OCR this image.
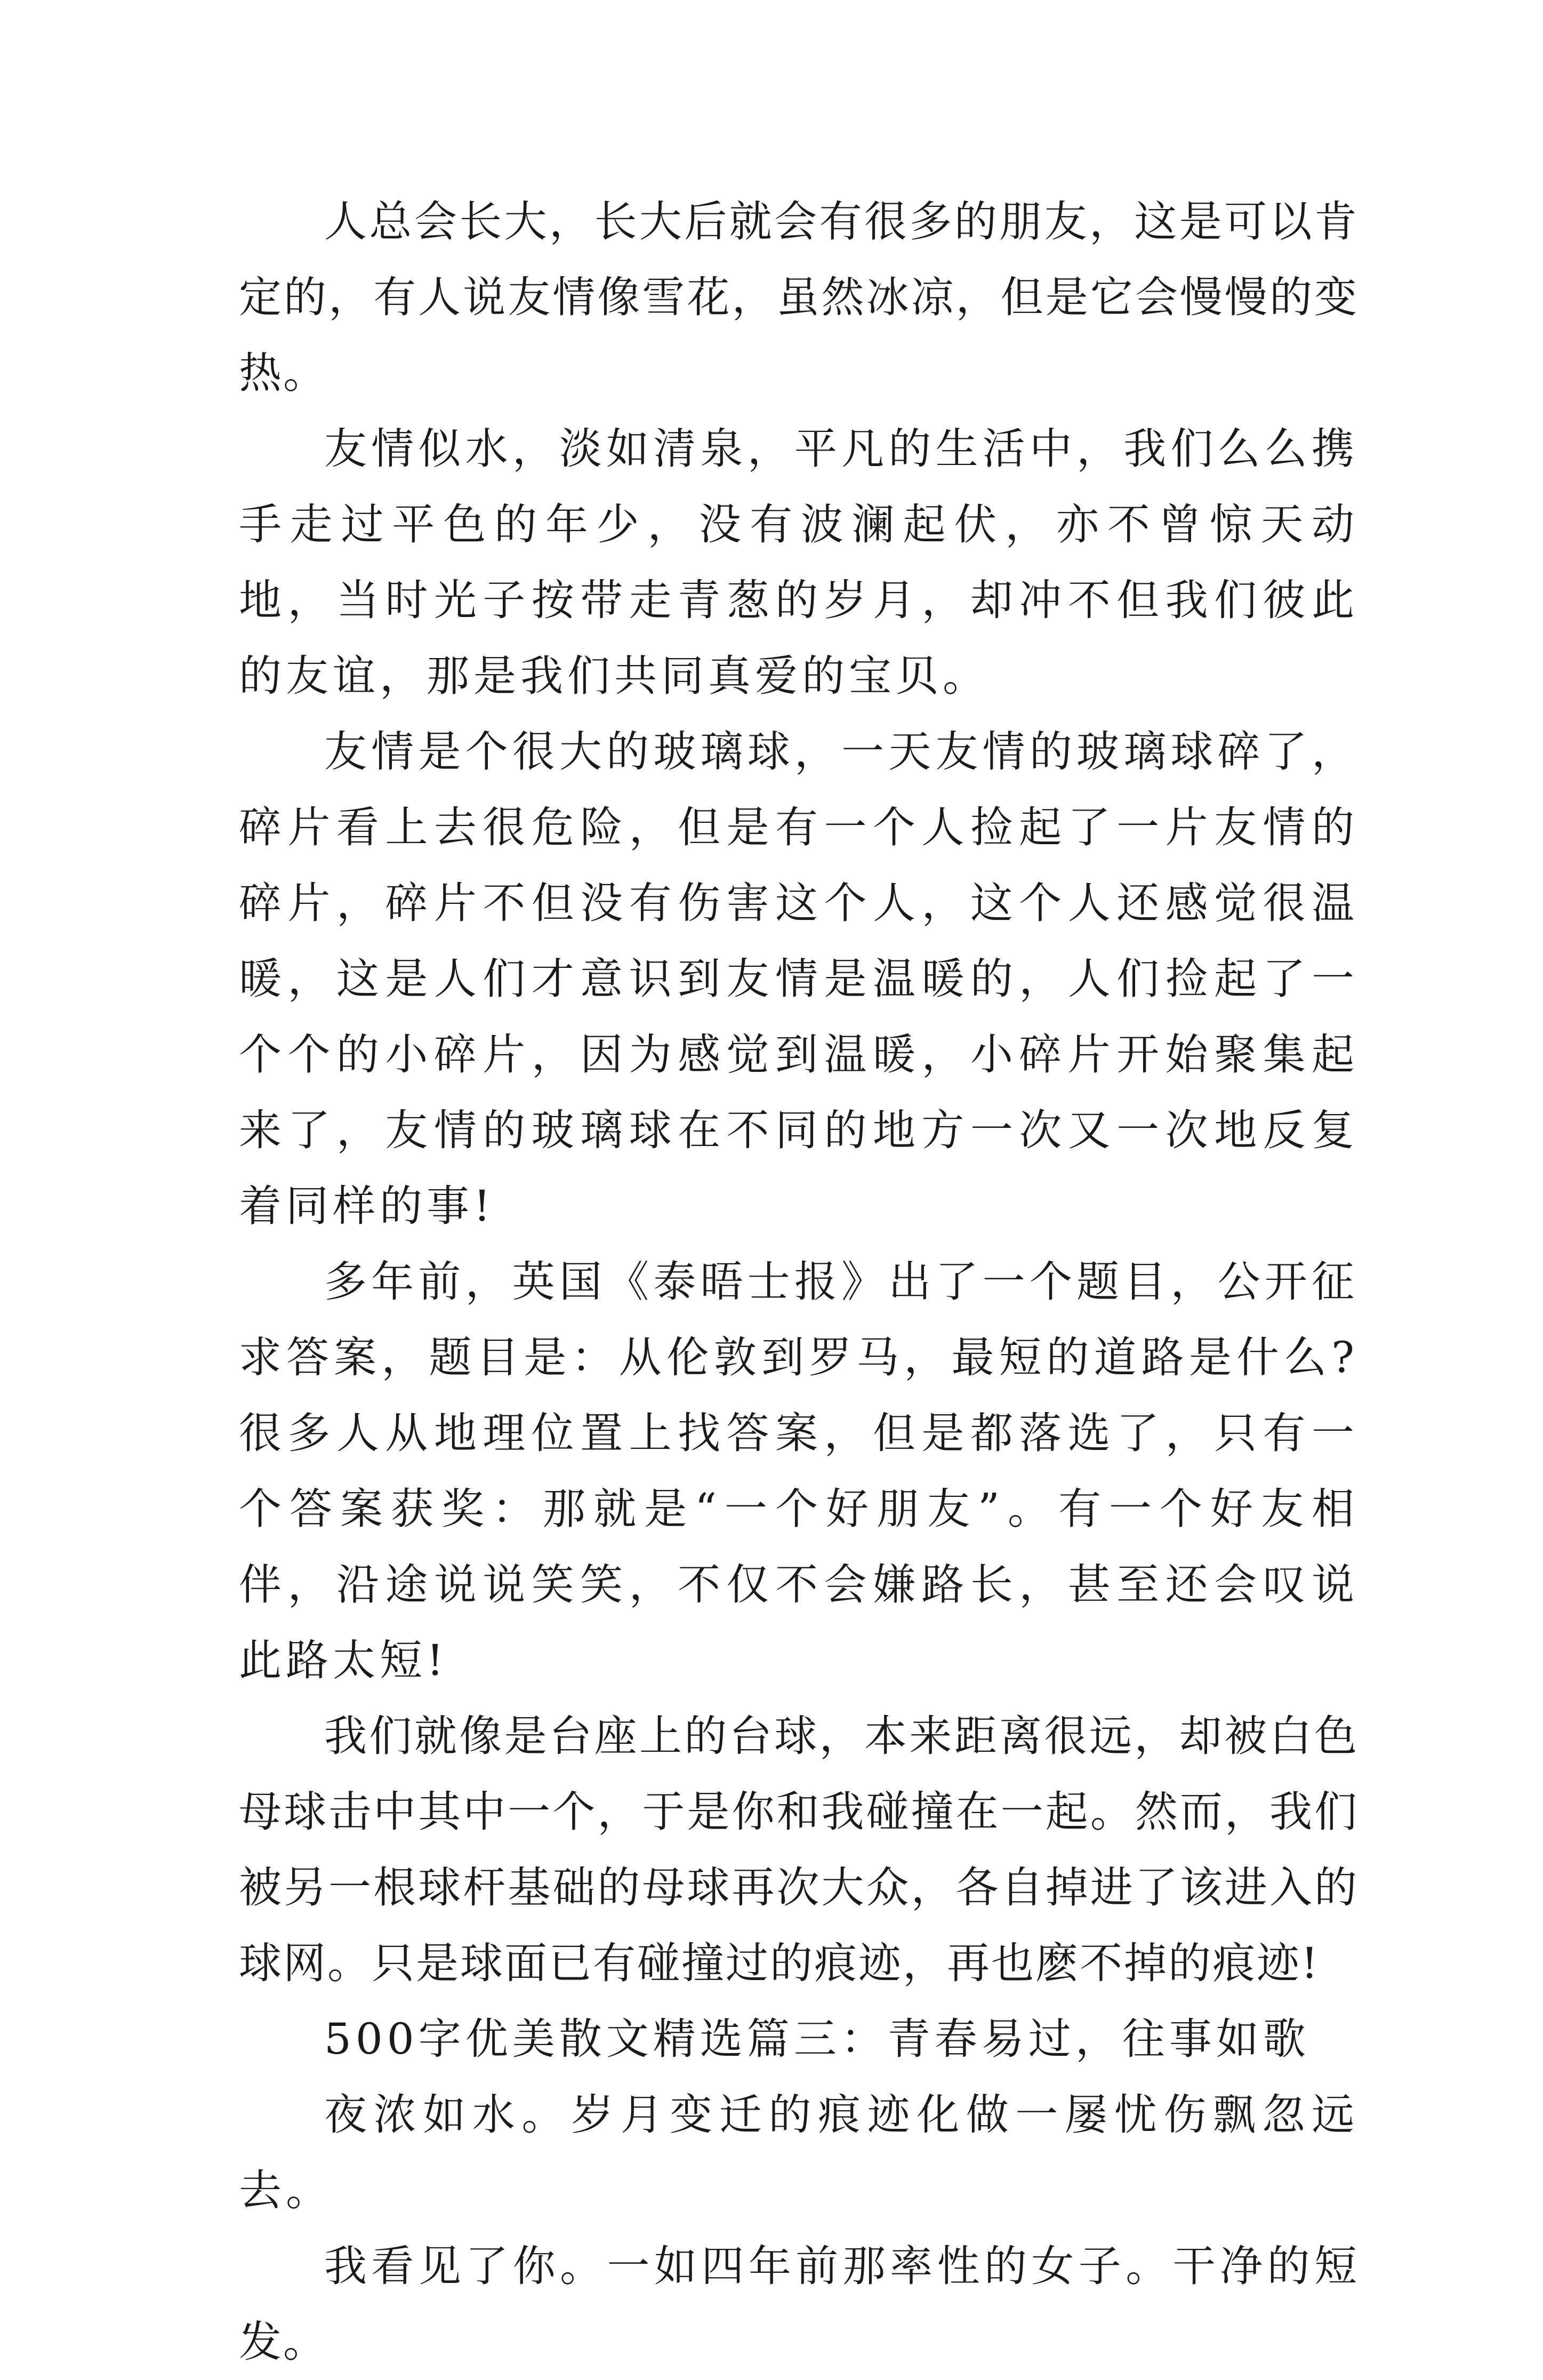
人总会长大，长大后就会有很多的朋友，这是可以肯定的，有人说友情像雪花，虽然冰凉，但是它会慢慢的变热。

友情似水，淡如清泉，平凡的生活中，我们么么携手走过平色的年少，没有波澜起伏，亦不曾惊天动地，当时光子按带走青葱的岁月，却冲不但我们彼此的友谊，那是我们共同真爱的宝贝。

友情是个很大的玻璃球，一天友情的玻璃球碎了，碎片看上去很危险，但是有一个人捡起了一片友情的碎片，碎片不但没有伤害这个人，这个人还感觉很温暖，这是人们才意识到友情是温暖的，人们捡起了一个个的小碎片，因为感觉到温暖，小碎片开始聚集起来了，友情的玻璃球在不同的地方一次又一次地反复着同样的事!

多年前，英国《泰晤士报》出了一个题目，公开征求答案，题目是：从伦敦到罗马，最短的道路是什么?很多人从地理位置上找答案，但是都落选了，只有一个答案获奖：那就是“一个好朋友”。有一个好友相伴，沿途说说笑笑，不仅不会嫌路长，甚至还会叹说此路太短!

我们就像是台座上的台球，本来距离很远，却被白色母球击中其中一个，于是你和我碰撞在一起。然而，我们被另一根球杆基础的母球再次大众，各自掉进了该进入的球网。只是球面已有碰撞过的痕迹，再也麽不掉的痕迹!

500字优美散文精选篇三：青春易过，往事如歌

夜浓如水。岁月变迁的痕迹化做一屡忧伤飘忽远去。

我看见了你。一如四年前那率性的女子。干净的短发。
